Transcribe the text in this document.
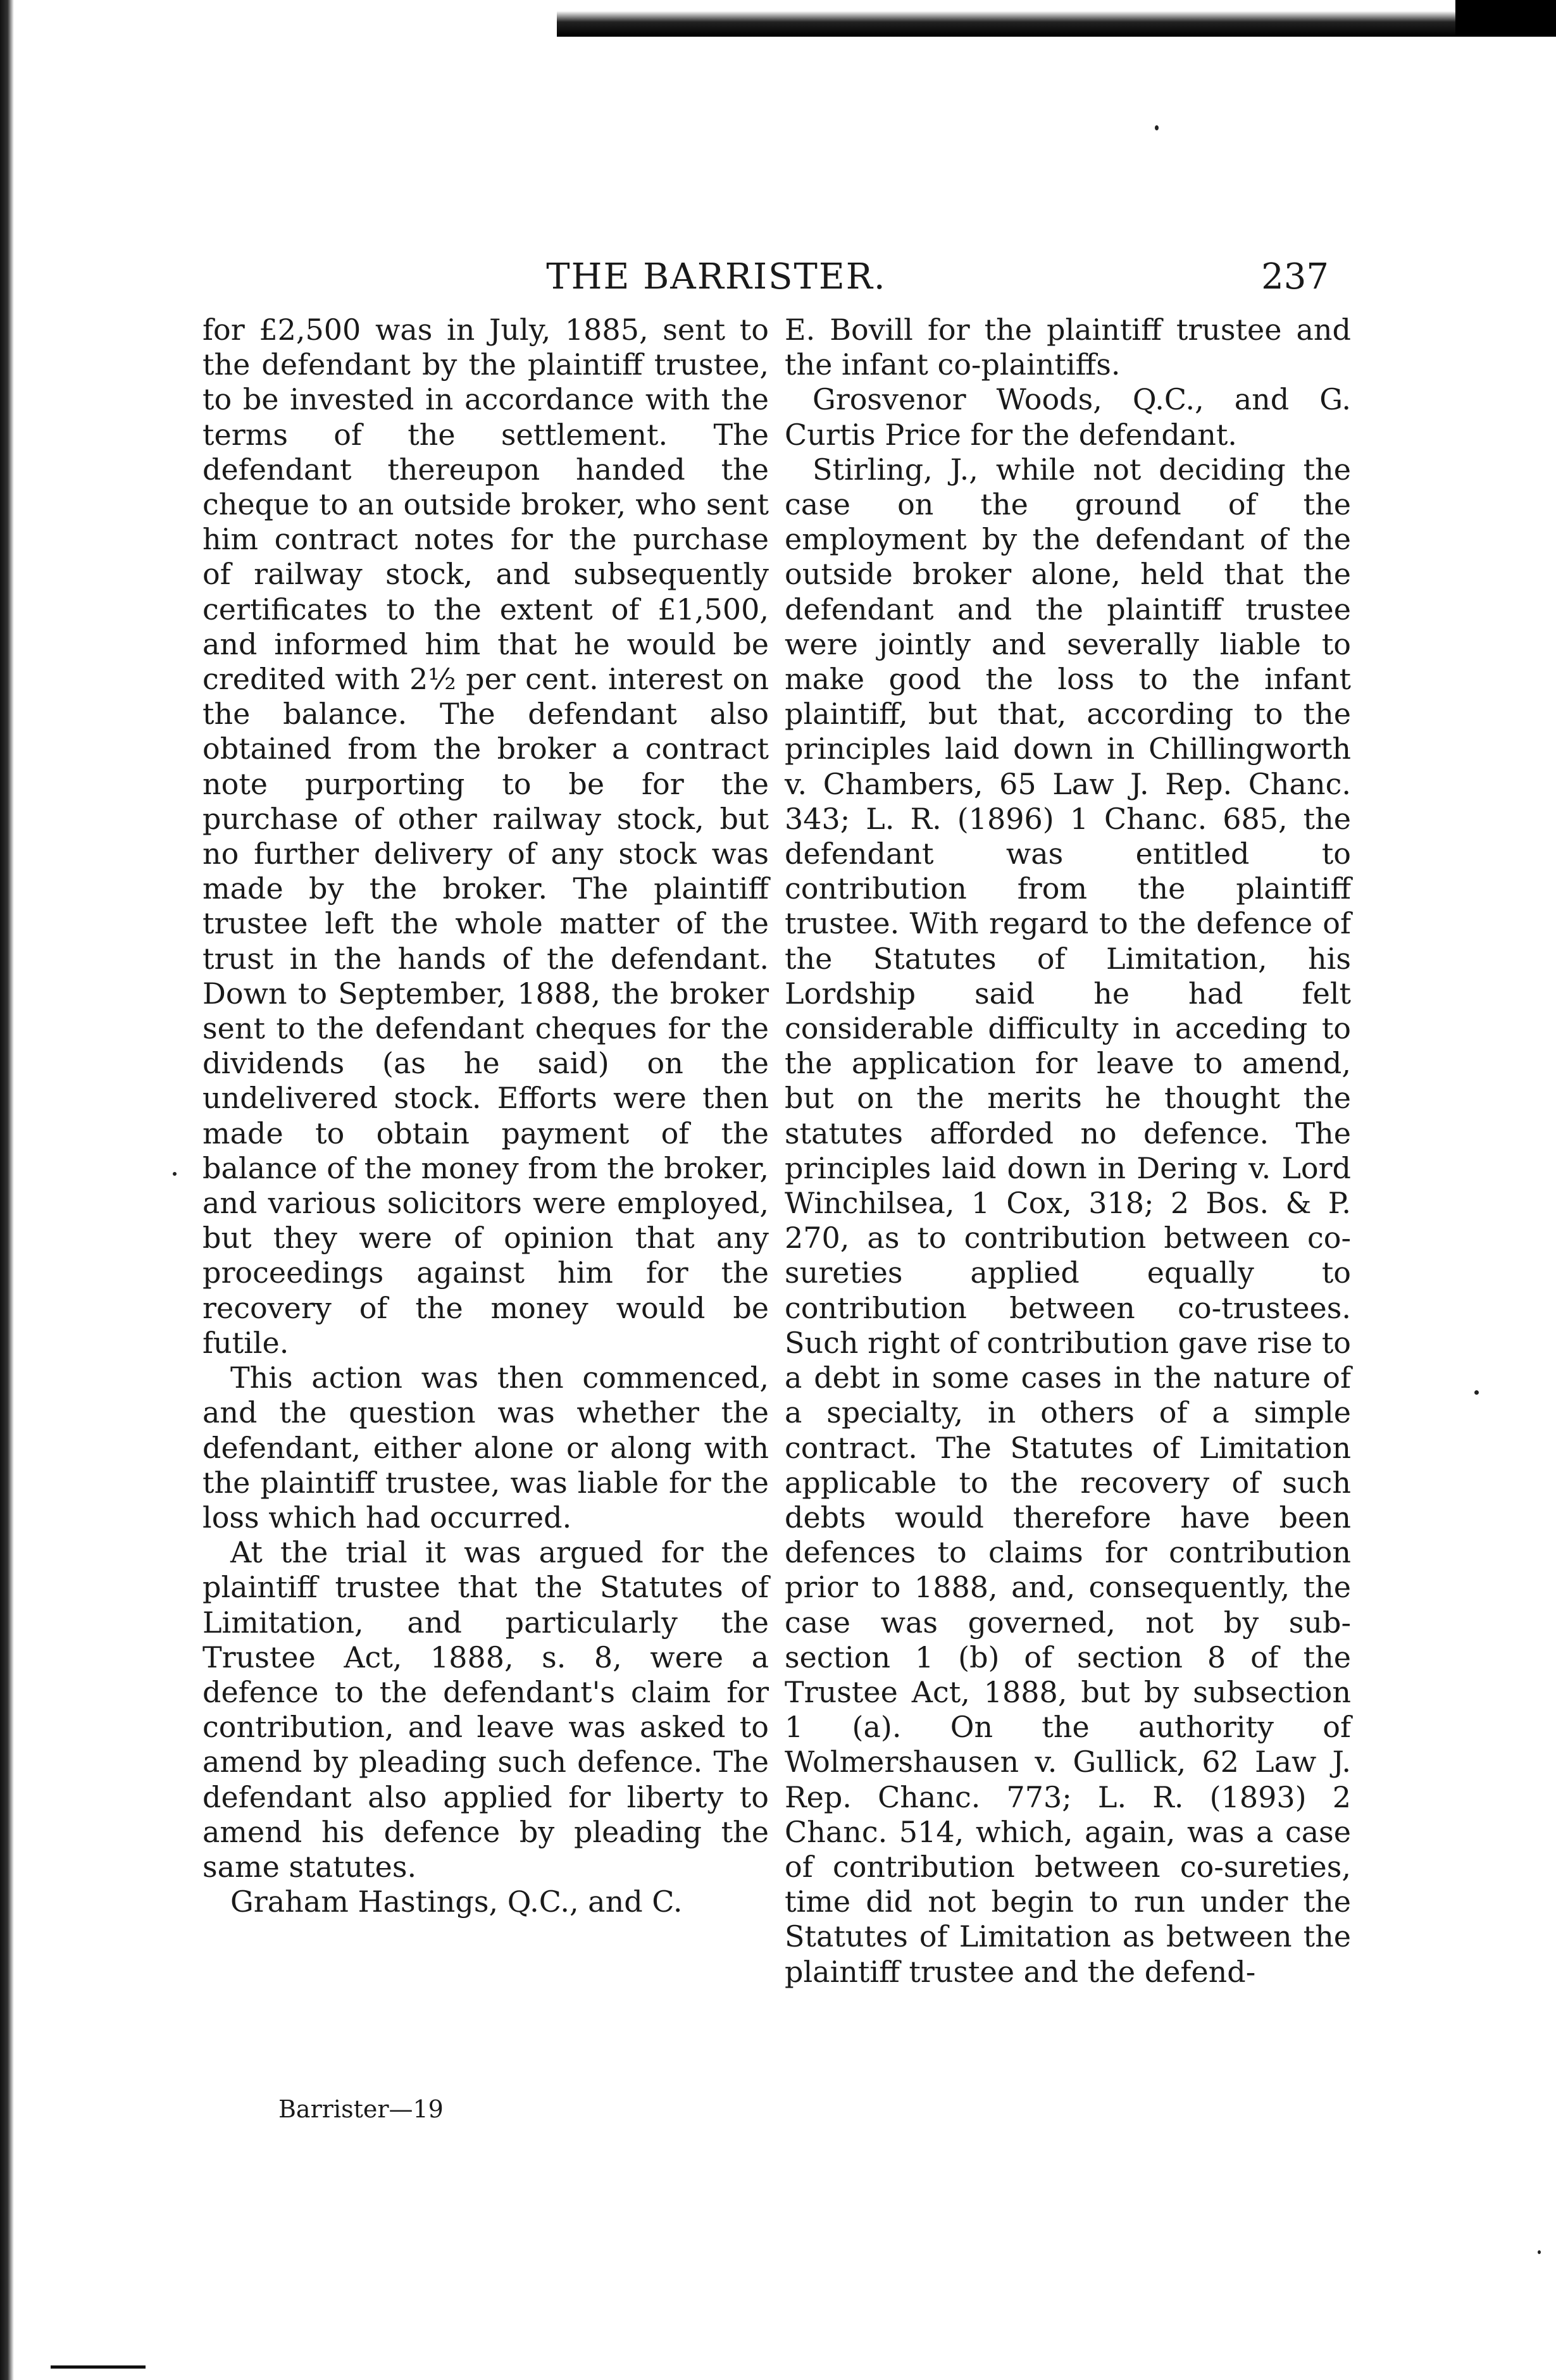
THE BARRISTER.	237

for £2,500 was in July, 1885, sent to the defendant by the plaintiff trustee, to be invested in accordance with the terms of the settlement. The defendant thereupon handed the cheque to an outside broker, who sent him contract notes for the purchase of railway stock, and subsequently certificates to the extent of £1,500, and informed him that he would be credited with 2½ per cent. interest on the balance. The defendant also obtained from the broker a contract note purporting to be for the purchase of other railway stock, but no further delivery of any stock was made by the broker. The plaintiff trustee left the whole matter of the trust in the hands of the defendant. Down to September, 1888, the broker sent to the defendant cheques for the dividends (as he said) on the undelivered stock. Efforts were then made to obtain payment of the balance of the money from the broker, and various solicitors were employed, but they were of opinion that any proceedings against him for the recovery of the money would be futile.

This action was then commenced, and the question was whether the defendant, either alone or along with the plaintiff trustee, was liable for the loss which had occurred.

At the trial it was argued for the plaintiff trustee that the Statutes of Limitation, and particularly the Trustee Act, 1888, s. 8, were a defence to the defendant's claim for contribution, and leave was asked to amend by pleading such defence. The defendant also applied for liberty to amend his defence by pleading the same statutes.

Graham Hastings, Q.C., and C.

E. Bovill for the plaintiff trustee and the infant co-plaintiffs.

Grosvenor Woods, Q.C., and G. Curtis Price for the defendant.

Stirling, J., while not deciding the case on the ground of the employment by the defendant of the outside broker alone, held that the defendant and the plaintiff trustee were jointly and severally liable to make good the loss to the infant plaintiff, but that, according to the principles laid down in Chillingworth v. Chambers, 65 Law J. Rep. Chanc. 343; L. R. (1896) 1 Chanc. 685, the defendant was entitled to contribution from the plaintiff trustee. With regard to the defence of the Statutes of Limitation, his Lordship said he had felt considerable difficulty in acceding to the application for leave to amend, but on the merits he thought the statutes afforded no defence. The principles laid down in Dering v. Lord Winchilsea, 1 Cox, 318; 2 Bos. & P. 270, as to contribution between co-sureties applied equally to contribution between co-trustees. Such right of contribution gave rise to a debt in some cases in the nature of a specialty, in others of a simple contract. The Statutes of Limitation applicable to the recovery of such debts would therefore have been defences to claims for contribution prior to 1888, and, consequently, the case was governed, not by sub-section 1 (b) of section 8 of the Trustee Act, 1888, but by subsection 1 (a). On the authority of Wolmershausen v. Gullick, 62 Law J. Rep. Chanc. 773; L. R. (1893) 2 Chanc. 514, which, again, was a case of contribution between co-sureties, time did not begin to run under the Statutes of Limitation as between the plaintiff trustee and the defend-

Barrister—19
